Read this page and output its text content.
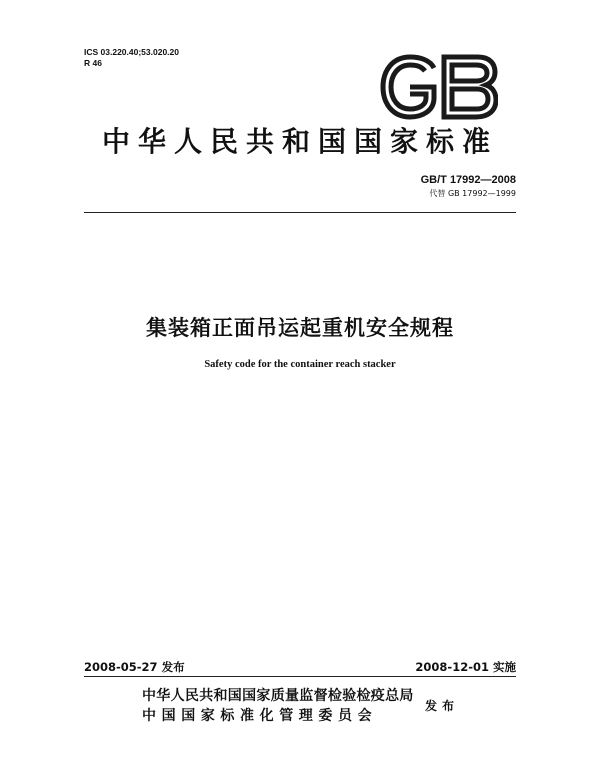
ICS 03.220.40;53.020.20
R 46
中华人民共和国国家标准
GB/T 17992—2008
代替 GB 17992—1999
集装箱正面吊运起重机安全规程
Safety code for the container reach stacker
2008-05-27 发布	2008-12-01 实施
中华人民共和国国家质量监督检验检疫总局
中国国家标准化管理委员会
发布
